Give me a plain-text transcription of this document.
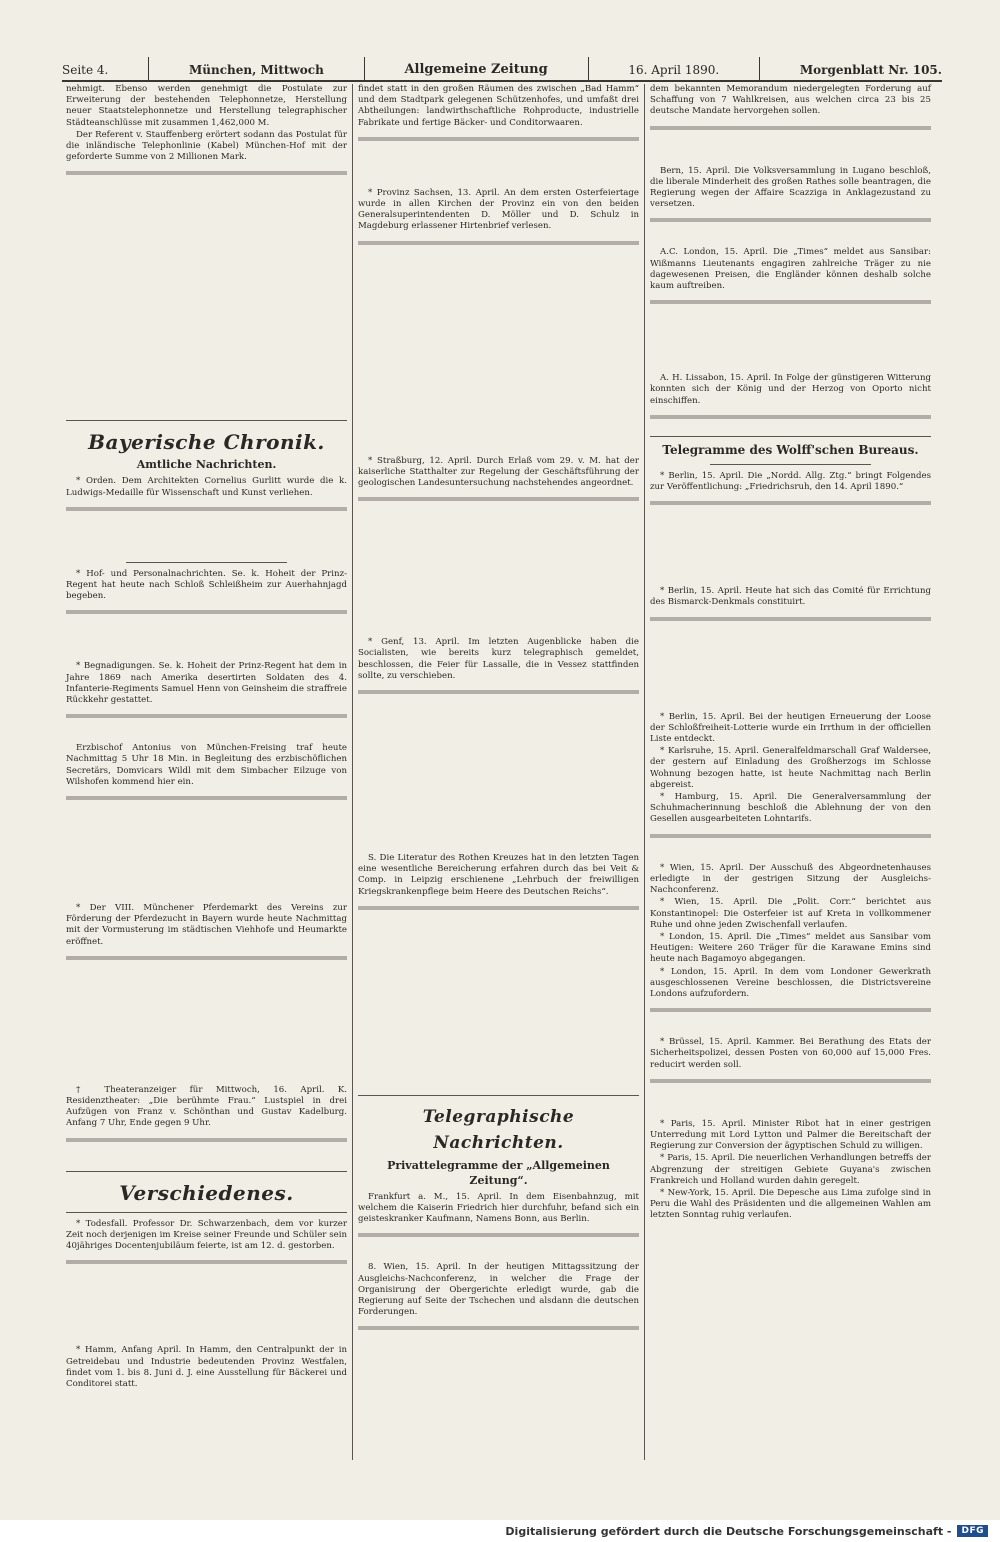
Seite 4.	München, Mittwoch	Allgemeine Zeitung	16. April 1890.	Morgenblatt Nr. 105.

nehmigt. Ebenso werden genehmigt die Postulate zur Erweiterung der bestehenden Telephonnetze, Herstellung neuer Staatstelephonnetze und Herstellung telegraphischer Städteanschlüsse mit zusammen 1,462,000 M.

Der Referent v. Stauffenberg erörtert sodann das Postulat für die inländische Telephonlinie (Kabel) München-Hof mit der geforderte Summe von 2 Millionen Mark.

Bayerische Chronik.
Amtliche Nachrichten.

* Orden. Dem Architekten Cornelius Gurlitt wurde die k. Ludwigs-Medaille für Wissenschaft und Kunst verliehen.

* Hof- und Personalnachrichten. Se. k. Hoheit der Prinz-Regent hat heute nach Schloß Schleißheim zur Auerhahnjagd begeben.

* Begnadigungen. Se. k. Hoheit der Prinz-Regent hat dem in Jahre 1869 nach Amerika desertirten Soldaten des 4. Infanterie-Regiments Samuel Henn von Geinsheim die straffreie Rückkehr gestattet.

Erzbischof Antonius von München-Freising traf heute Nachmittag 5 Uhr 18 Min. in Begleitung des erzbischöflichen Secretärs, Domvicars Wildl mit dem Simbacher Eilzuge von Wilshofen kommend hier ein.

* Der VIII. Münchener Pferdemarkt des Vereins zur Förderung der Pferdezucht in Bayern wurde heute Nachmittag mit der Vormusterung im städtischen Viehhofe und Heumarkte eröffnet.

† Theateranzeiger für Mittwoch, 16. April. K. Residenztheater: „Die berühmte Frau.“ Lustspiel in drei Aufzügen von Franz v. Schönthan und Gustav Kadelburg. Anfang 7 Uhr, Ende gegen 9 Uhr.

Verschiedenes.

* Todesfall. Professor Dr. Schwarzenbach, dem vor kurzer Zeit noch derjenigen im Kreise seiner Freunde und Schüler sein 40jähriges Docentenjubiläum feierte, ist am 12. d. gestorben.

* Hamm, Anfang April. In Hamm, den Centralpunkt der in Getreidebau und Industrie bedeutenden Provinz Westfalen, findet vom 1. bis 8. Juni d. J. eine Ausstellung für Bäckerei und Conditorei statt.

findet statt in den großen Räumen des zwischen „Bad Hamm“ und dem Stadtpark gelegenen Schützenhofes, und umfaßt drei Abtheilungen: landwirthschaftliche Rohproducte, industrielle Fabrikate und fertige Bäcker- und Conditorwaaren.

* Provinz Sachsen, 13. April. An dem ersten Osterfeiertage wurde in allen Kirchen der Provinz ein von den beiden Generalsuperintendenten D. Möller und D. Schulz in Magdeburg erlassener Hirtenbrief verlesen.

* Straßburg, 12. April. Durch Erlaß vom 29. v. M. hat der kaiserliche Statthalter zur Regelung der Geschäftsführung der geologischen Landesuntersuchung nachstehendes angeordnet.

* Genf, 13. April. Im letzten Augenblicke haben die Socialisten, wie bereits kurz telegraphisch gemeldet, beschlossen, die Feier für Lassalle, die in Vessez stattfinden sollte, zu verschieben.

S. Die Literatur des Rothen Kreuzes hat in den letzten Tagen eine wesentliche Bereicherung erfahren durch das bei Veit & Comp. in Leipzig erschienene „Lehrbuch der freiwilligen Kriegskrankenpflege beim Heere des Deutschen Reichs“.

Telegraphische Nachrichten.
Privattelegramme der „Allgemeinen Zeitung“.

Frankfurt a. M., 15. April. In dem Eisenbahnzug, mit welchem die Kaiserin Friedrich hier durchfuhr, befand sich ein geisteskranker Kaufmann, Namens Bonn, aus Berlin.

8. Wien, 15. April. In der heutigen Mittagssitzung der Ausgleichs-Nachconferenz, in welcher die Frage der Organisirung der Obergerichte erledigt wurde, gab die Regierung auf Seite der Tschechen und alsdann die deutschen Forderungen.

dem bekannten Memorandum niedergelegten Forderung auf Schaffung von 7 Wahlkreisen, aus welchen circa 23 bis 25 deutsche Mandate hervorgehen sollen.

Bern, 15. April. Die Volksversammlung in Lugano beschloß, die liberale Minderheit des großen Rathes solle beantragen, die Regierung wegen der Affaire Scazziga in Anklagezustand zu versetzen.

A.C. London, 15. April. Die „Times“ meldet aus Sansibar: Wißmanns Lieutenants engagiren zahlreiche Träger zu nie dagewesenen Preisen, die Engländer können deshalb solche kaum auftreiben.

A. H. Lissabon, 15. April. In Folge der günstigeren Witterung konnten sich der König und der Herzog von Oporto nicht einschiffen.

Telegramme des Wolff'schen Bureaus.

* Berlin, 15. April. Die „Nordd. Allg. Ztg.“ bringt Folgendes zur Veröffentlichung: „Friedrichsruh, den 14. April 1890.“

* Berlin, 15. April. Heute hat sich das Comité für Errichtung des Bismarck-Denkmals constituirt.

* Berlin, 15. April. Bei der heutigen Erneuerung der Loose der Schloßfreiheit-Lotterie wurde ein Irrthum in der officiellen Liste entdeckt.

* Karlsruhe, 15. April. Generalfeldmarschall Graf Waldersee, der gestern auf Einladung des Großherzogs im Schlosse Wohnung bezogen hatte, ist heute Nachmittag nach Berlin abgereist.

* Hamburg, 15. April. Die Generalversammlung der Schuhmacherinnung beschloß die Ablehnung der von den Gesellen ausgearbeiteten Lohntarifs.

* Wien, 15. April. Der Ausschuß des Abgeordnetenhauses erledigte in der gestrigen Sitzung der Ausgleichs-Nachconferenz.

* Wien, 15. April. Die „Polit. Corr.“ berichtet aus Konstantinopel: Die Osterfeier ist auf Kreta in vollkommener Ruhe und ohne jeden Zwischenfall verlaufen.

* London, 15. April. Die „Times“ meldet aus Sansibar vom Heutigen: Weitere 260 Träger für die Karawane Emins sind heute nach Bagamoyo abgegangen.

* London, 15. April. In dem vom Londoner Gewerkrath ausgeschlossenen Vereine beschlossen, die Districtsvereine Londons aufzufordern.

* Brüssel, 15. April. Kammer. Bei Berathung des Etats der Sicherheitspolizei, dessen Posten von 60,000 auf 15,000 Fres. reducirt werden soll.

* Paris, 15. April. Minister Ribot hat in einer gestrigen Unterredung mit Lord Lytton und Palmer die Bereitschaft der Regierung zur Conversion der ägyptischen Schuld zu willigen.

* Paris, 15. April. Die neuerlichen Verhandlungen betreffs der Abgrenzung der streitigen Gebiete Guyana's zwischen Frankreich und Holland wurden dahin geregelt.

* New-York, 15. April. Die Depesche aus Lima zufolge sind in Peru die Wahl des Präsidenten und die allgemeinen Wahlen am letzten Sonntag ruhig verlaufen.

Digitalisierung gefördert durch die Deutsche Forschungsgemeinschaft -	DFG
